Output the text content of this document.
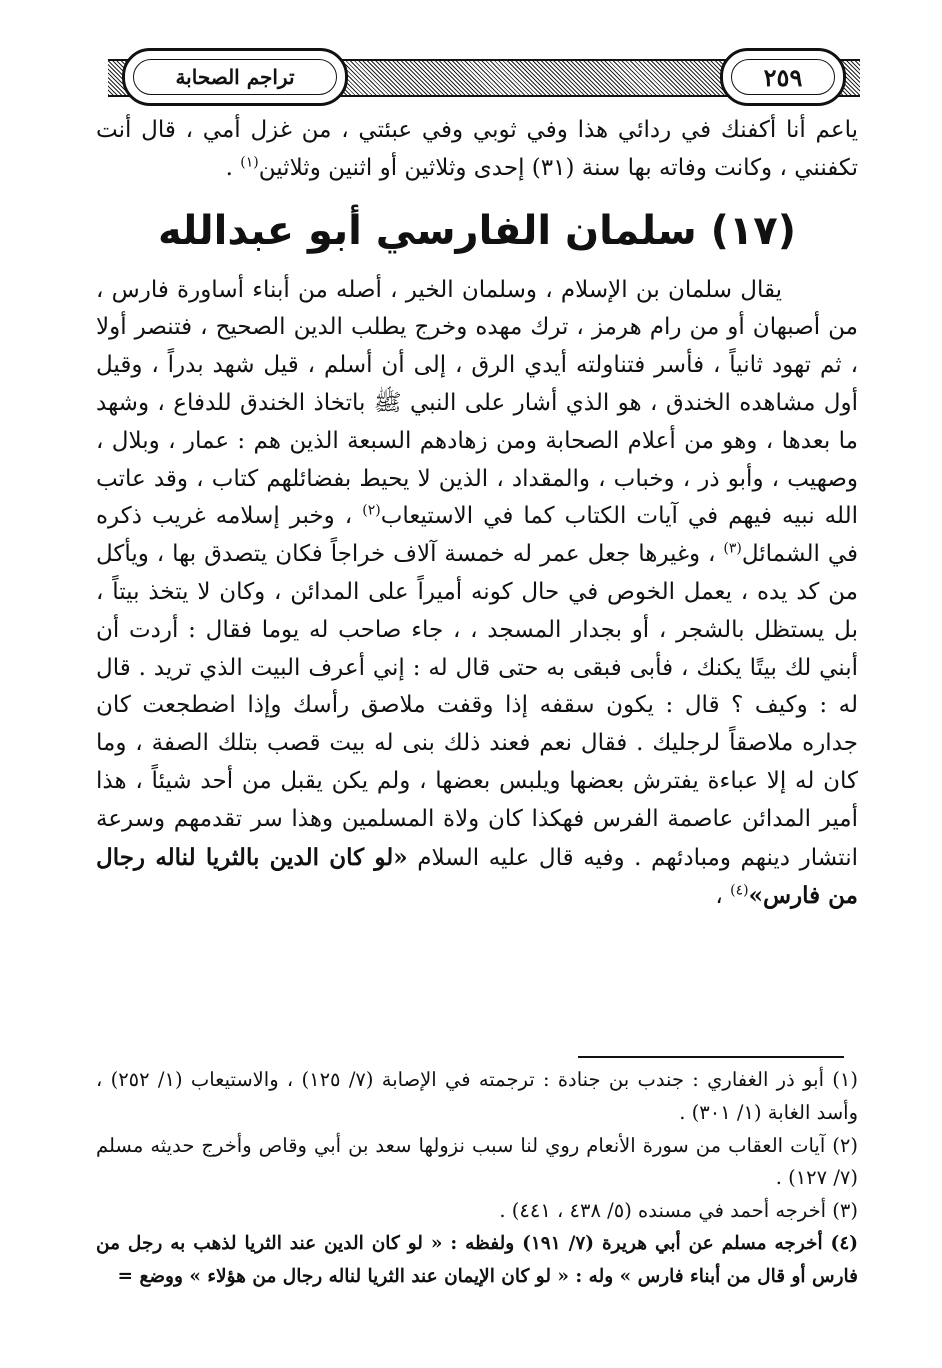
تراجم الصحابة	٢٥٩

ياعم أنا أكفنك في ردائي هذا وفي ثوبي وفي عبئتي ، من غزل أمي ، قال أنت تكفنني ، وكانت وفاته بها سنة (٣١) إحدى وثلاثين أو اثنين وثلاثين$^{(١)}$ .

(١٧) سلمان الفارسي أبو عبدالله

يقال سلمان بن الإسلام ، وسلمان الخير ، أصله من أبناء أساورة فارس ، من أصبهان أو من رام هرمز ، ترك مهده وخرج يطلب الدين الصحيح ، فتنصر أولا ، ثم تهود ثانياً ، فأسر فتناولته أيدي الرق ، إلى أن أسلم ، قيل شهد بدراً ، وقيل أول مشاهده الخندق ، هو الذي أشار على النبي ﷺ باتخاذ الخندق للدفاع ، وشهد ما بعدها ، وهو من أعلام الصحابة ومن زهادهم السبعة الذين هم : عمار ، وبلال ، وصهيب ، وأبو ذر ، وخباب ، والمقداد ، الذين لا يحيط بفضائلهم كتاب ، وقد عاتب الله نبيه فيهم في آيات الكتاب كما في الاستيعاب$^{(٢)}$ ، وخبر إسلامه غريب ذكره في الشمائل$^{(٣)}$ ، وغيرها جعل عمر له خمسة آلاف خراجاً فكان يتصدق بها ، ويأكل من كد يده ، يعمل الخوص في حال كونه أميراً على المدائن ، وكان لا يتخذ بيتاً ، بل يستظل بالشجر ، أو بجدار المسجد ، ، جاء صاحب له يوما فقال : أردت أن أبني لك بيتًا يكنك ، فأبى فبقى به حتى قال له : إني أعرف البيت الذي تريد . قال له : وكيف ؟ قال : يكون سقفه إذا وقفت ملاصق رأسك وإذا اضطجعت كان جداره ملاصقاً لرجليك . فقال نعم فعند ذلك بنى له بيت قصب بتلك الصفة ، وما كان له إلا عباءة يفترش بعضها ويلبس بعضها ، ولم يكن يقبل من أحد شيئاً ، هذا أمير المدائن عاصمة الفرس فهكذا كان ولاة المسلمين وهذا سر تقدمهم وسرعة انتشار دينهم ومبادئهم . وفيه قال عليه السلام «لو كان الدين بالثريا لناله رجال من فارس»$^{(٤)}$ ،

(١) أبو ذر الغفاري : جندب بن جنادة : ترجمته في الإصابة (٧/ ١٢٥) ، والاستيعاب (١/ ٢٥٢) ، وأسد الغابة (١/ ٣٠١) .

(٢) آيات العقاب من سورة الأنعام روي لنا سبب نزولها سعد بن أبي وقاص وأخرج حديثه مسلم (٧/ ١٢٧) .

(٣) أخرجه أحمد في مسنده (٥/ ٤٣٨ ، ٤٤١) .

(٤) أخرجه مسلم عن أبي هريرة (٧/ ١٩١) ولفظه : « لو كان الدين عند الثريا لذهب به رجل من فارس أو قال من أبناء فارس » وله : « لو كان الإيمان عند الثريا لناله رجال من هؤلاء » ووضع =
